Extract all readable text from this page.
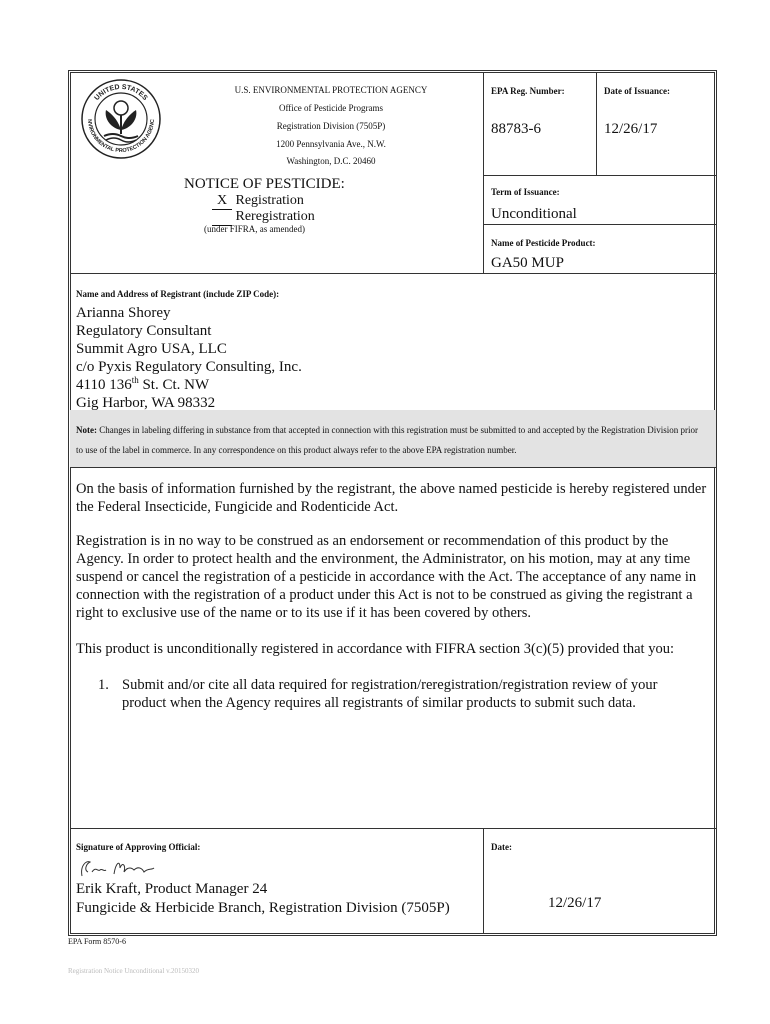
UNITED STATES
NVIRONMENTAL PROTECTION AGENC
U.S. ENVIRONMENTAL PROTECTION AGENCY
Office of Pesticide Programs
Registration Division (7505P)
1200 Pennsylvania Ave., N.W.
Washington, D.C. 20460
NOTICE OF PESTICIDE:
X Registration
Reregistration
(under FIFRA, as amended)
EPA Reg. Number:
88783-6
Date of Issuance:
12/26/17
Term of Issuance:
Unconditional
Name of Pesticide Product:
GA50 MUP
Name and Address of Registrant (include ZIP Code):
Arianna Shorey
Regulatory Consultant
Summit Agro USA, LLC
c/o Pyxis Regulatory Consulting, Inc.
4110 136th St. Ct. NW
Gig Harbor, WA 98332
Note: Changes in labeling differing in substance from that accepted in connection with this registration must be submitted to and accepted by the Registration Division prior to use of the label in commerce. In any correspondence on this product always refer to the above EPA registration number.
On the basis of information furnished by the registrant, the above named pesticide is hereby registered under the Federal Insecticide, Fungicide and Rodenticide Act.
Registration is in no way to be construed as an endorsement or recommendation of this product by the Agency. In order to protect health and the environment, the Administrator, on his motion, may at any time suspend or cancel the registration of a pesticide in accordance with the Act. The acceptance of any name in connection with the registration of a product under this Act is not to be construed as giving the registrant a right to exclusive use of the name or to its use if it has been covered by others.
This product is unconditionally registered in accordance with FIFRA section 3(c)(5) provided that you:
1. Submit and/or cite all data required for registration/reregistration/registration review of your product when the Agency requires all registrants of similar products to submit such data.
Signature of Approving Official:
Erik Kraft, Product Manager 24
Fungicide & Herbicide Branch, Registration Division (7505P)
Date:
12/26/17
EPA Form 8570-6
Registration Notice Unconditional v.20150320
